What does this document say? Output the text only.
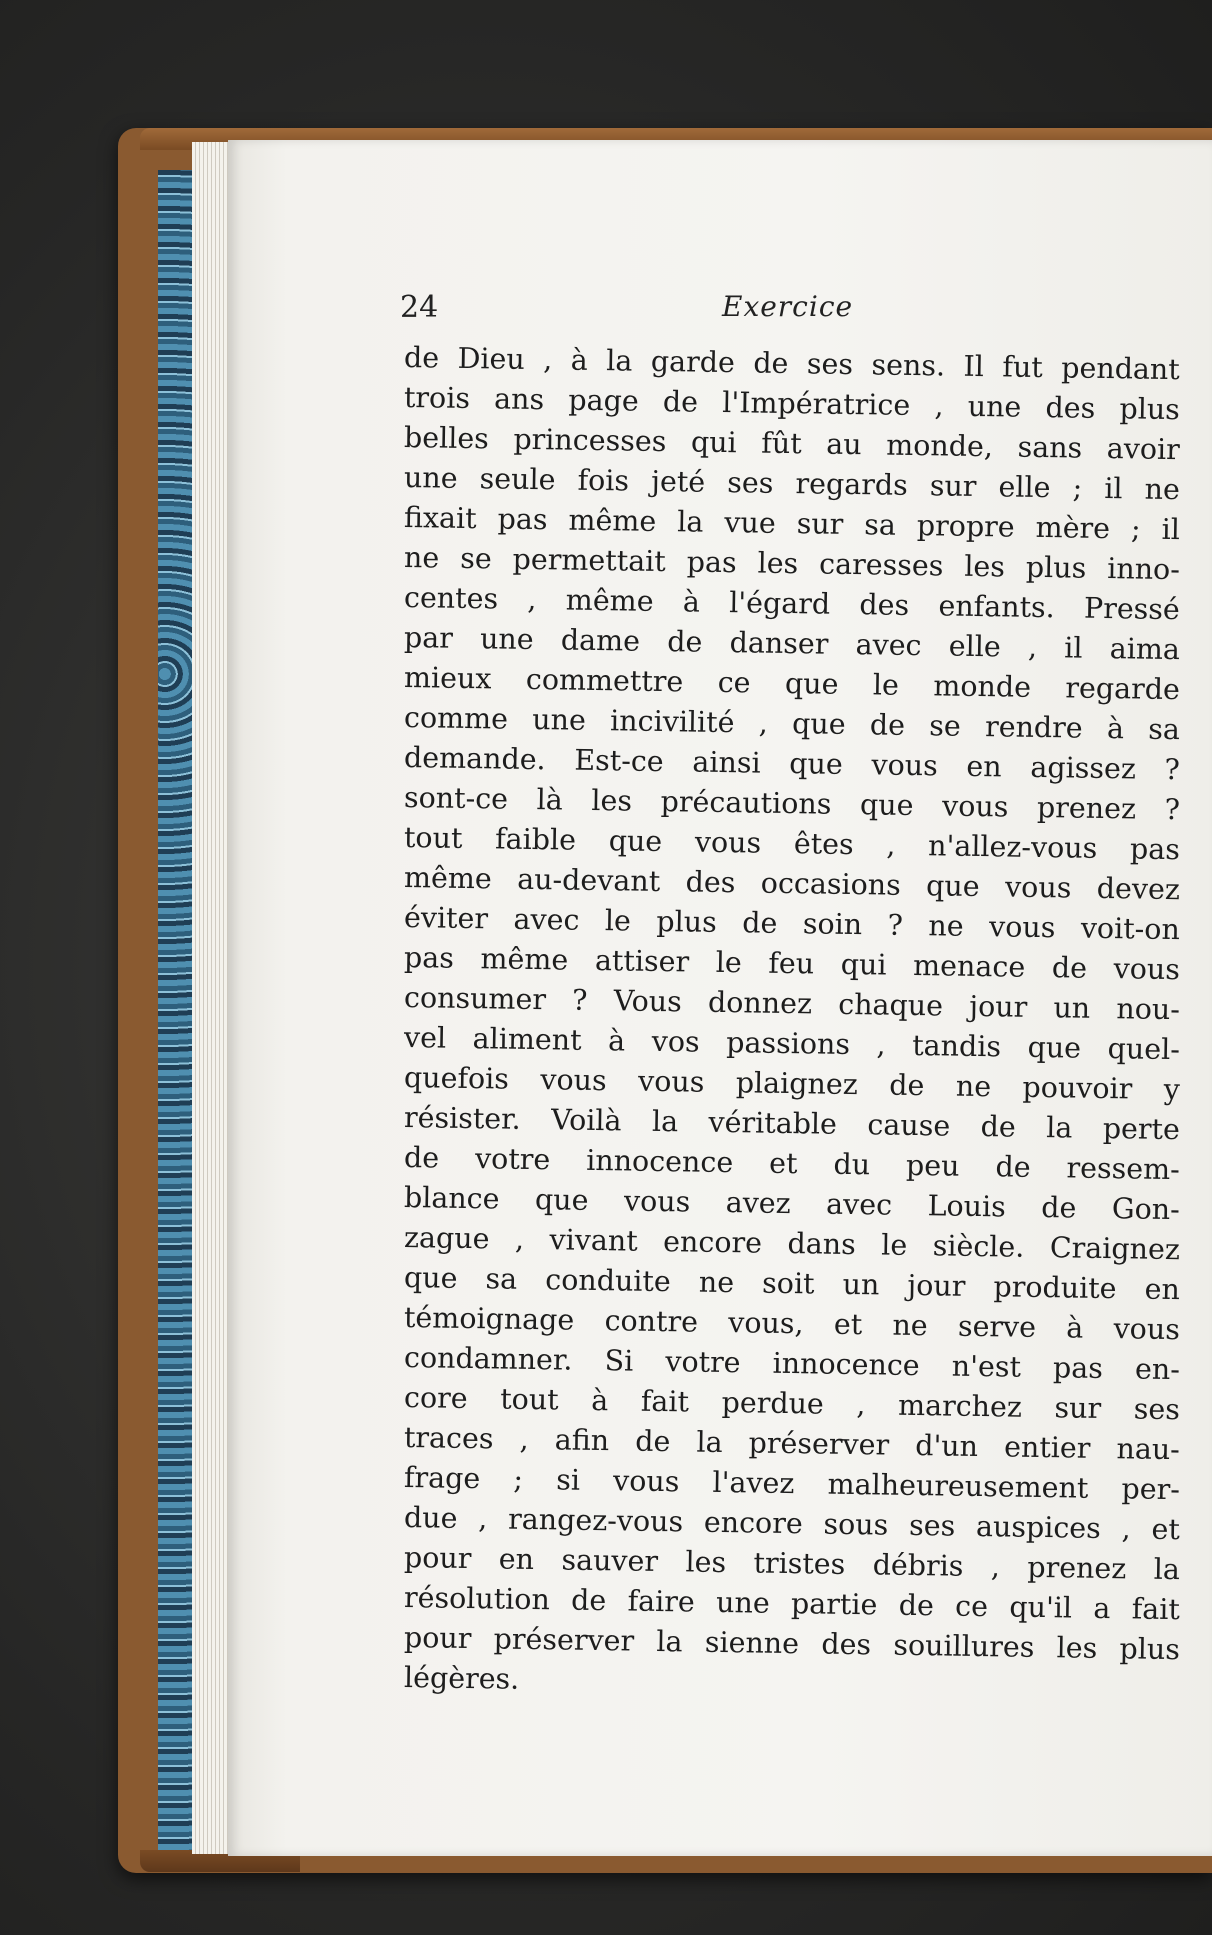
24	Exercice
de Dieu , à la garde de ses sens. Il fut pendant
trois ans page de l'Impératrice , une des plus
belles princesses qui fût au monde, sans avoir
une seule fois jeté ses regards sur elle ; il ne
fixait pas même la vue sur sa propre mère ; il
ne se permettait pas les caresses les plus inno-
centes , même à l'égard des enfants. Pressé
par une dame de danser avec elle , il aima
mieux commettre ce que le monde regarde
comme une incivilité , que de se rendre à sa
demande. Est-ce ainsi que vous en agissez ?
sont-ce là les précautions que vous prenez ?
tout faible que vous êtes , n'allez-vous pas
même au-devant des occasions que vous devez
éviter avec le plus de soin ? ne vous voit-on
pas même attiser le feu qui menace de vous
consumer ? Vous donnez chaque jour un nou-
vel aliment à vos passions , tandis que quel-
quefois vous vous plaignez de ne pouvoir y
résister. Voilà la véritable cause de la perte
de votre innocence et du peu de ressem-
blance que vous avez avec Louis de Gon-
zague , vivant encore dans le siècle. Craignez
que sa conduite ne soit un jour produite en
témoignage contre vous, et ne serve à vous
condamner. Si votre innocence n'est pas en-
core tout à fait perdue , marchez sur ses
traces , afin de la préserver d'un entier nau-
frage ; si vous l'avez malheureusement per-
due , rangez-vous encore sous ses auspices , et
pour en sauver les tristes débris , prenez la
résolution de faire une partie de ce qu'il a fait
pour préserver la sienne des souillures les plus
légères.
